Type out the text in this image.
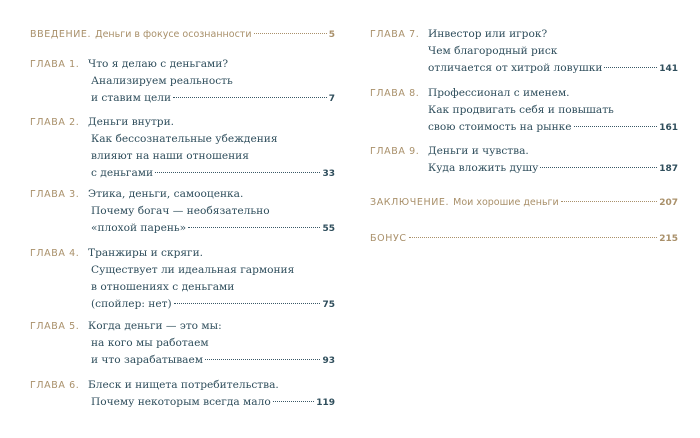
ВВЕДЕНИЕ. Деньги в фокусе осознанности	5
ГЛАВА 1. Что я делаю с деньгами?
Анализируем реальность
и ставим цели	7
ГЛАВА 2. Деньги внутри.
Как бессознательные убеждения
влияют на наши отношения
с деньгами	33
ГЛАВА 3. Этика, деньги, самооценка.
Почему богач — необязательно
«плохой парень»	55
ГЛАВА 4. Транжиры и скряги.
Существует ли идеальная гармония
в отношениях с деньгами
(спойлер: нет)	75
ГЛАВА 5. Когда деньги — это мы:
на кого мы работаем
и что зарабатываем	93
ГЛАВА 6. Блеск и нищета потребительства.
Почему некоторым всегда мало	119
ГЛАВА 7. Инвестор или игрок?
Чем благородный риск
отличается от хитрой ловушки	141
ГЛАВА 8. Профессионал с именем.
Как продвигать себя и повышать
свою стоимость на рынке	161
ГЛАВА 9. Деньги и чувства.
Куда вложить душу	187
ЗАКЛЮЧЕНИЕ. Мои хорошие деньги	207
БОНУС	215
